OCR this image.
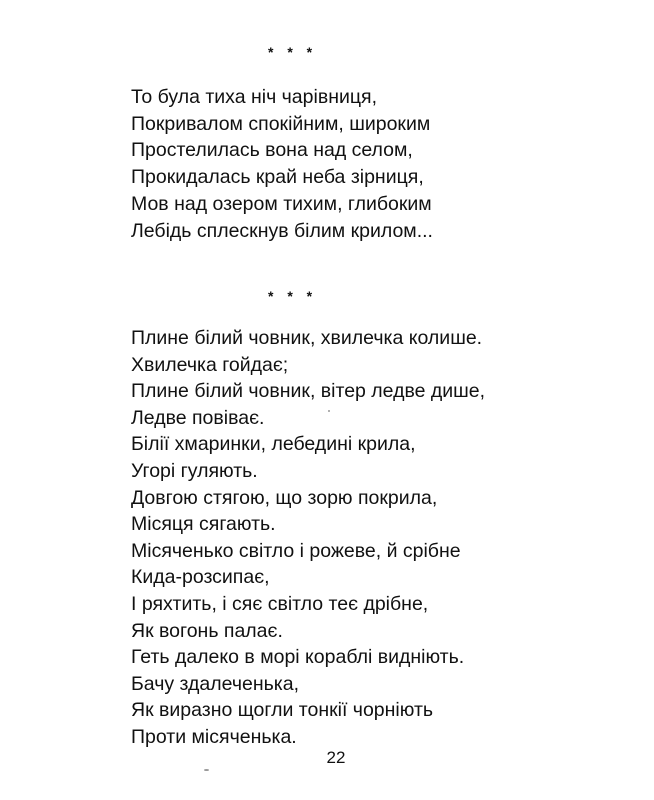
* * *
То була тиха ніч чарівниця,
Покривалом спокійним, широким
Простелилась вона над селом,
Прокидалась край неба зірниця,
Мов над озером тихим, глибоким
Лебідь сплескнув білим крилом...
* * *
Плине білий човник, хвилечка колише.
Хвилечка гойдає;
Плине білий човник, вітер ледве дише,
Ледве повіває.
Білії хмаринки, лебедині крила,
Угорі гуляють.
Довгою стягою, що зорю покрила,
Місяця сягають.
Місяченько світло і рожеве, й срібне
Кида-розсипає,
І ряхтить, і сяє світло теє дрібне,
Як вогонь палає.
Геть далеко в морі кораблі видніють.
Бачу здалеченька,
Як виразно щогли тонкії чорніють
Проти місяченька.
22
